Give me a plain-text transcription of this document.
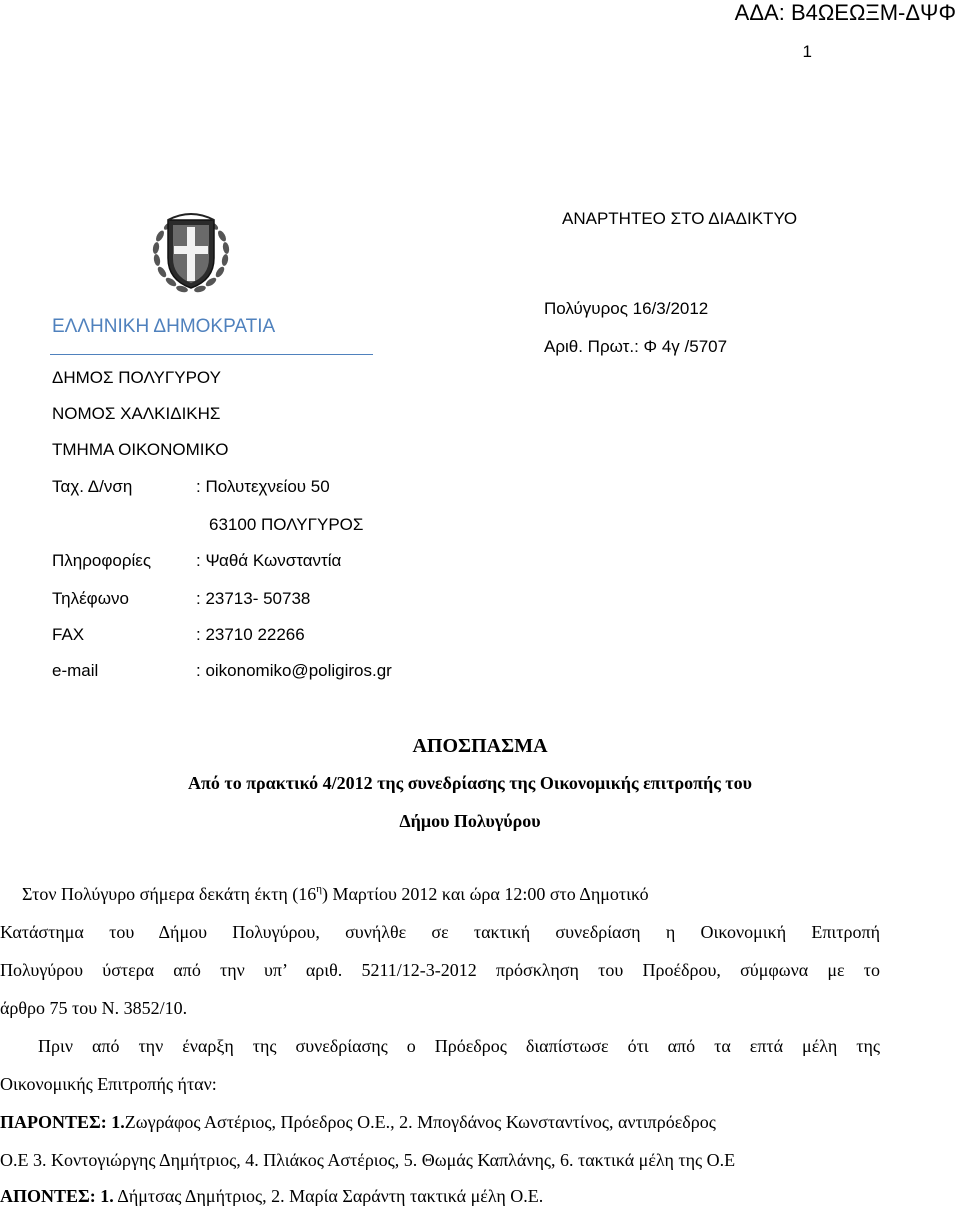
ΑΔΑ: Β4ΩΕΩΞΜ-ΔΨΦ
1
ΑΝΑΡΤΗΤΕΟ ΣΤΟ ΔΙΑΔΙΚΤΥΟ
ΕΛΛΗΝΙΚΗ ΔΗΜΟΚΡΑΤΙΑ
Πολύγυρος 16/3/2012
Αριθ. Πρωτ.: Φ 4γ /5707
ΔΗΜΟΣ ΠΟΛΥΓΥΡΟΥ
ΝΟΜΟΣ ΧΑΛΚΙΔΙΚΗΣ
ΤΜΗΜΑ ΟΙΚΟΝΟΜΙΚΟ
Ταχ. Δ/νση	: Πολυτεχνείου 50
63100 ΠΟΛΥΓΥΡΟΣ
Πληροφορίες	: Ψαθά Κωνσταντία
Τηλέφωνο	: 23713- 50738
FAX	: 23710 22266
e-mail	: oikonomiko@poligiros.gr
ΑΠΟΣΠΑΣΜΑ
Από το πρακτικό 4/2012 της συνεδρίασης της Οικονομικής επιτροπής του
Δήμου Πολυγύρου
Στον Πολύγυρο σήμερα δεκάτη έκτη $(16^\eta)$ Μαρτίου 2012 και ώρα 12:00 στο Δημοτικό
Κατάστημα του Δήμου Πολυγύρου, συνήλθε σε τακτική συνεδρίαση η Οικονομική Επιτροπή
Πολυγύρου ύστερα από την υπ’ αριθ. 5211/12-3-2012 πρόσκληση του Προέδρου, σύμφωνα με το
άρθρο 75 του Ν. 3852/10.
Πριν από την έναρξη της συνεδρίασης ο Πρόεδρος διαπίστωσε ότι από τα επτά μέλη της
Οικονομικής Επιτροπής ήταν:
ΠΑΡΟΝΤΕΣ: 1.Ζωγράφος Αστέριος, Πρόεδρος Ο.Ε., 2. Μπογδάνος Κωνσταντίνος, αντιπρόεδρος
Ο.Ε 3. Κοντογιώργης Δημήτριος, 4. Πλιάκος Αστέριος, 5. Θωμάς Καπλάνης, 6. τακτικά μέλη της Ο.Ε
ΑΠΟΝΤΕΣ: 1. Δήμτσας Δημήτριος, 2. Μαρία Σαράντη τακτικά μέλη Ο.Ε.
